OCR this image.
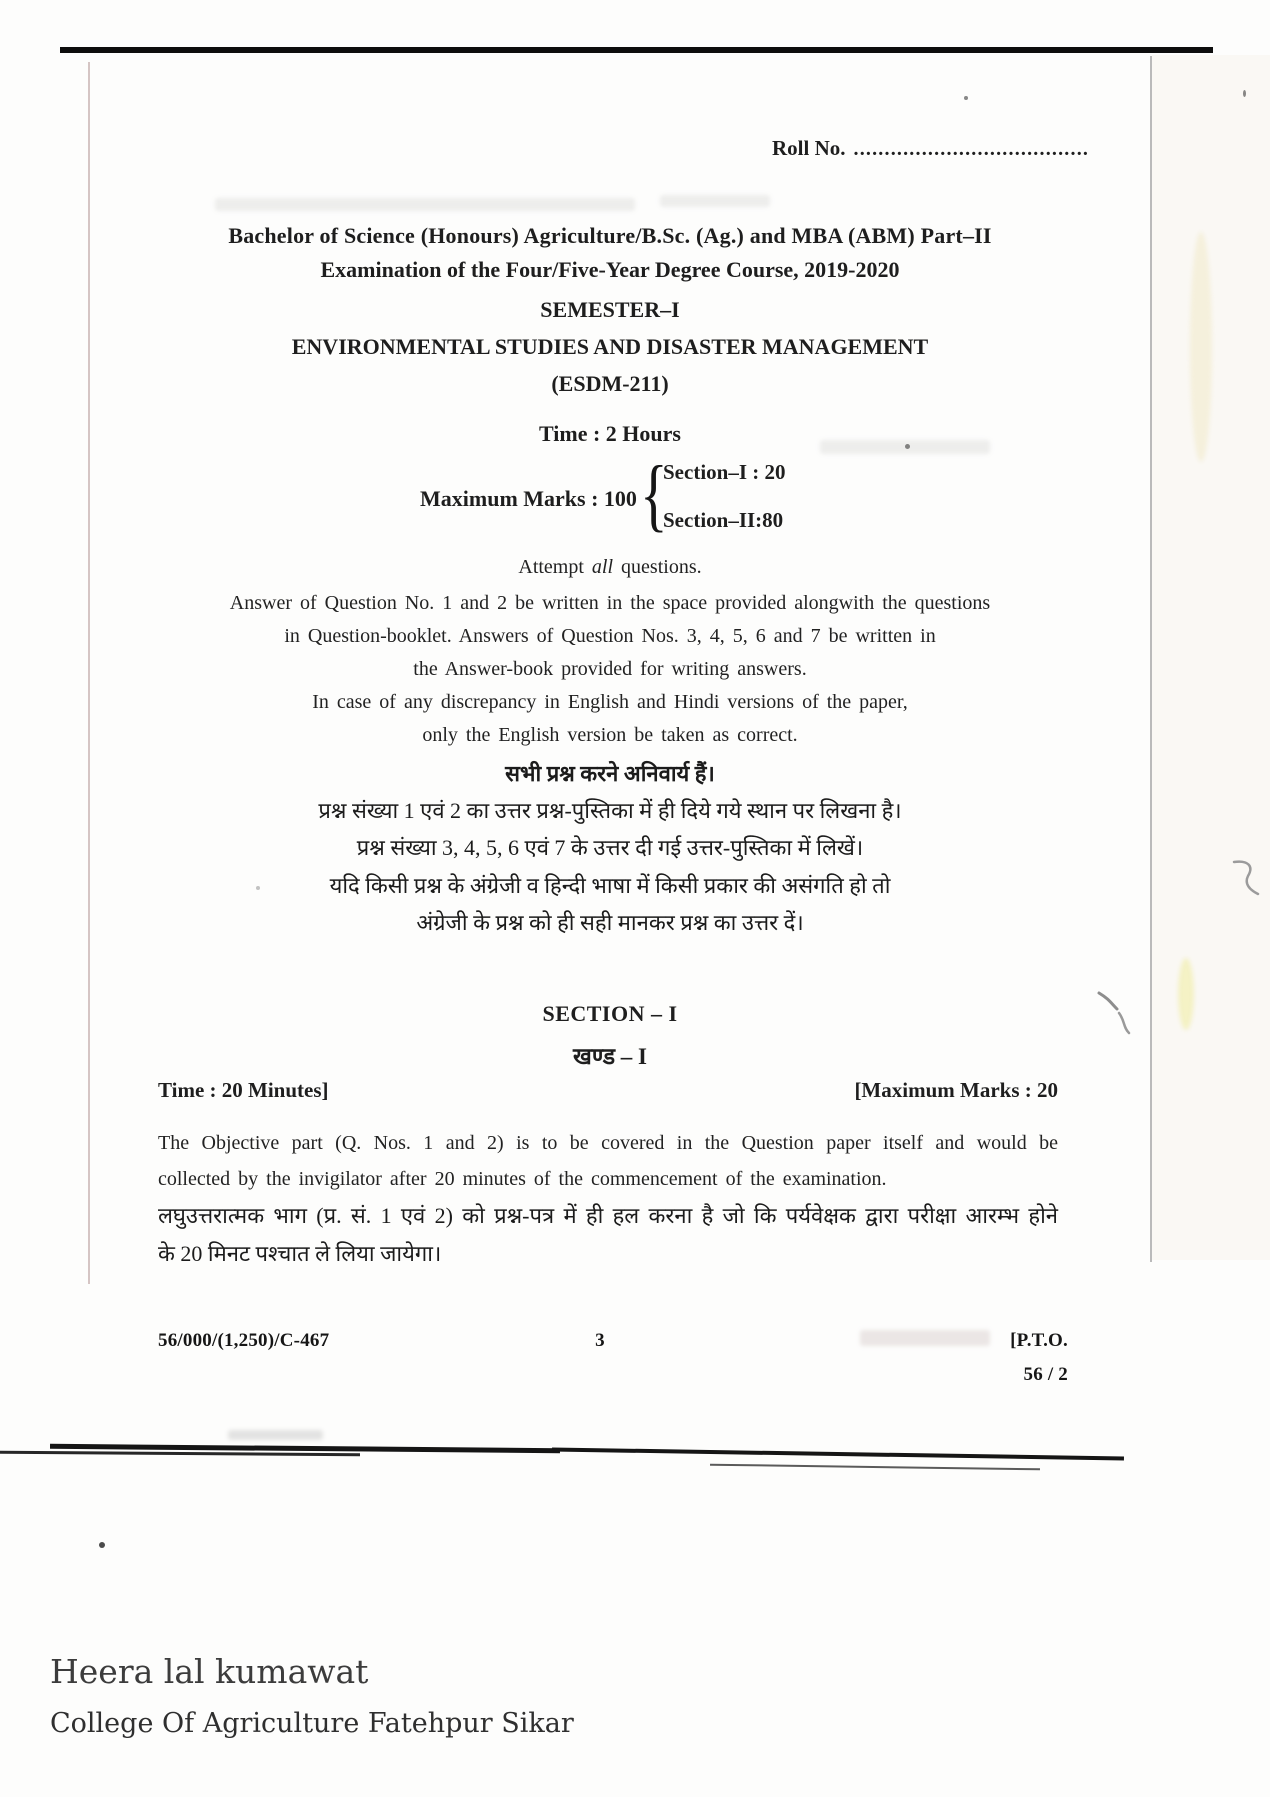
Roll No. ......................................
Bachelor of Science (Honours) Agriculture/B.Sc. (Ag.) and MBA (ABM) Part–II
Examination of the Four/Five-Year Degree Course, 2019-2020
SEMESTER–I
ENVIRONMENTAL STUDIES AND DISASTER MANAGEMENT
(ESDM-211)
Time : 2 Hours
Maximum Marks : 100 {
Section–I : 20
Section–II:80
Attempt all questions.
Answer of Question No. 1 and 2 be written in the space provided alongwith the questions
in Question-booklet. Answers of Question Nos. 3, 4, 5, 6 and 7 be written in
the Answer-book provided for writing answers.
In case of any discrepancy in English and Hindi versions of the paper,
only the English version be taken as correct.
सभी प्रश्न करने अनिवार्य हैं।
प्रश्न संख्या 1 एवं 2 का उत्तर प्रश्न-पुस्तिका में ही दिये गये स्थान पर लिखना है।
प्रश्न संख्या 3, 4, 5, 6 एवं 7 के उत्तर दी गई उत्तर-पुस्तिका में लिखें।
यदि किसी प्रश्न के अंग्रेजी व हिन्दी भाषा में किसी प्रकार की असंगति हो तो
अंग्रेजी के प्रश्न को ही सही मानकर प्रश्न का उत्तर दें।
SECTION – I
खण्ड – I
Time : 20 Minutes]	[Maximum Marks : 20
The Objective part (Q. Nos. 1 and 2) is to be covered in the Question paper itself and would be
collected by the invigilator after 20 minutes of the commencement of the examination.
लघुउत्तरात्मक भाग (प्र. सं. 1 एवं 2) को प्रश्न-पत्र में ही हल करना है जो कि पर्यवेक्षक द्वारा परीक्षा आरम्भ होने
के 20 मिनट पश्चात ले लिया जायेगा।
56/000/(1,250)/C-467	3	[P.T.O.
56 / 2
Heera lal kumawat
College Of Agriculture Fatehpur Sikar
